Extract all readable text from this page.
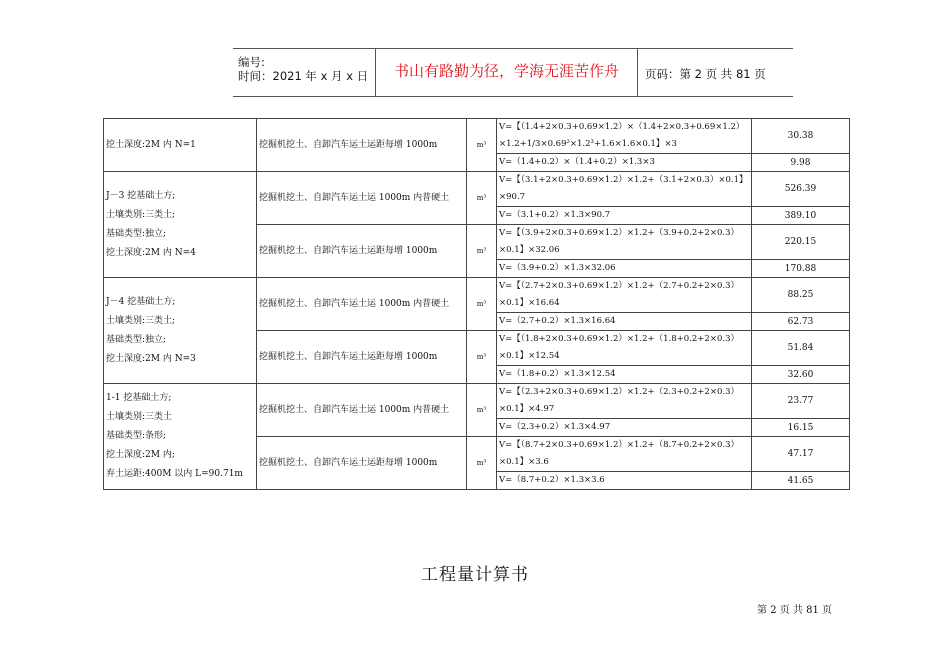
编号:
时间：2021 年 x 月 x 日	书山有路勤为径，学海无涯苦作舟	页码：第 2 页 共 81 页
挖土深度:2M 内 N=1	挖掘机挖土、自卸汽车运土运距每增 1000m	m³	V=【（1.4+2×0.3+0.69×1.2）×（1.4+2×0.3+0.69×1.2）×1.2+1/3×0.69²×1.2³+1.6×1.6×0.1】×3	30.38
			V=（1.4+0.2）×（1.4+0.2）×1.3×3	9.98

J－3 挖基础土方;
土壤类别:三类土;
基础类型:独立;
挖土深度:2M 内 N=4	挖掘机挖土、自卸汽车运土运 1000m 内普硬土	m³	V=【（3.1+2×0.3+0.69×1.2）×1.2+（3.1+2×0.3）×0.1】×90.7	526.39
			V=（3.1+0.2）×1.3×90.7	389.10
	挖掘机挖土、自卸汽车运土运距每增 1000m	m³	V=【（3.9+2×0.3+0.69×1.2）×1.2+（3.9+0.2+2×0.3）×0.1】×32.06	220.15
			V=（3.9+0.2）×1.3×32.06	170.88

J－4 挖基础土方;
土壤类别:三类土;
基础类型:独立;
挖土深度:2M 内 N=3	挖掘机挖土、自卸汽车运土运 1000m 内普硬土	m³	V=【（2.7+2×0.3+0.69×1.2）×1.2+（2.7+0.2+2×0.3）×0.1】×16.64	88.25
			V=（2.7+0.2）×1.3×16.64	62.73
	挖掘机挖土、自卸汽车运土运距每增 1000m	m³	V=【（1.8+2×0.3+0.69×1.2）×1.2+（1.8+0.2+2×0.3）×0.1】×12.54	51.84
			V=（1.8+0.2）×1.3×12.54	32.60

1-1 挖基础土方;
土壤类别:三类土
基础类型:条形;
挖土深度:2M 内;
弃土运距:400M 以内 L=90.71m	挖掘机挖土、自卸汽车运土运 1000m 内普硬土	m³	V=【（2.3+2×0.3+0.69×1.2）×1.2+（2.3+0.2+2×0.3）×0.1】×4.97	23.77
			V=（2.3+0.2）×1.3×4.97	16.15
	挖掘机挖土、自卸汽车运土运距每增 1000m	m³	V=【（8.7+2×0.3+0.69×1.2）×1.2+（8.7+0.2+2×0.3）×0.1】×3.6	47.17
			V=（8.7+0.2）×1.3×3.6	41.65
工程量计算书
第 2 页 共 81 页
